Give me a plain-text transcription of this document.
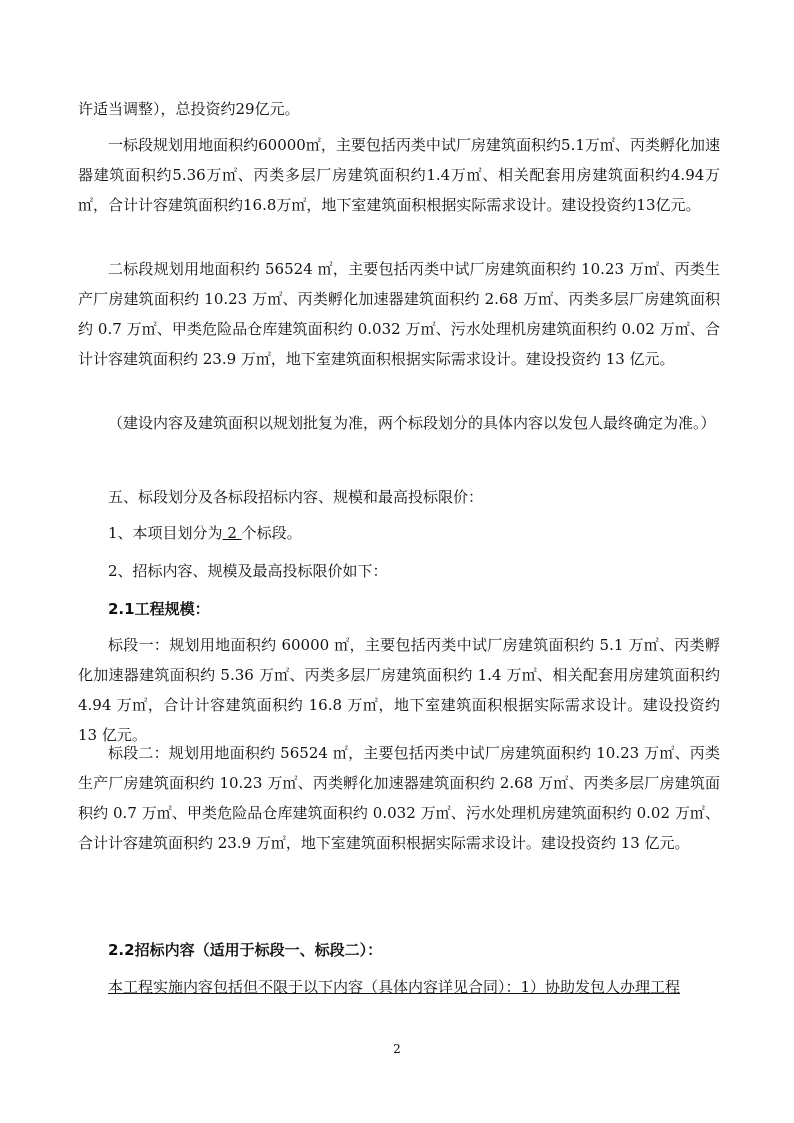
许适当调整），总投资约29亿元。

一标段规划用地面积约60000㎡，主要包括丙类中试厂房建筑面积约5.1万㎡、丙类孵化加速器建筑面积约5.36万㎡、丙类多层厂房建筑面积约1.4万㎡、相关配套用房建筑面积约4.94万㎡，合计计容建筑面积约16.8万㎡，地下室建筑面积根据实际需求设计。建设投资约13亿元。

二标段规划用地面积约 56524 ㎡，主要包括丙类中试厂房建筑面积约 10.23 万㎡、丙类生产厂房建筑面积约 10.23 万㎡、丙类孵化加速器建筑面积约 2.68 万㎡、丙类多层厂房建筑面积约 0.7 万㎡、甲类危险品仓库建筑面积约 0.032 万㎡、污水处理机房建筑面积约 0.02 万㎡、合计计容建筑面积约 23.9 万㎡，地下室建筑面积根据实际需求设计。建设投资约 13 亿元。

（建设内容及建筑面积以规划批复为准，两个标段划分的具体内容以发包人最终确定为准。）

五、标段划分及各标段招标内容、规模和最高投标限价：

1、本项目划分为 2 个标段。

2、招标内容、规模及最高投标限价如下：

2.1工程规模：

标段一：规划用地面积约 60000 ㎡，主要包括丙类中试厂房建筑面积约 5.1 万㎡、丙类孵化加速器建筑面积约 5.36 万㎡、丙类多层厂房建筑面积约 1.4 万㎡、相关配套用房建筑面积约 4.94 万㎡，合计计容建筑面积约 16.8 万㎡，地下室建筑面积根据实际需求设计。建设投资约 13 亿元。

标段二：规划用地面积约 56524 ㎡，主要包括丙类中试厂房建筑面积约 10.23 万㎡、丙类生产厂房建筑面积约 10.23 万㎡、丙类孵化加速器建筑面积约 2.68 万㎡、丙类多层厂房建筑面积约 0.7 万㎡、甲类危险品仓库建筑面积约 0.032 万㎡、污水处理机房建筑面积约 0.02 万㎡、合计计容建筑面积约 23.9 万㎡，地下室建筑面积根据实际需求设计。建设投资约 13 亿元。

2.2招标内容（适用于标段一、标段二）：

本工程实施内容包括但不限于以下内容（具体内容详见合同）：1）协助发包人办理工程

2
